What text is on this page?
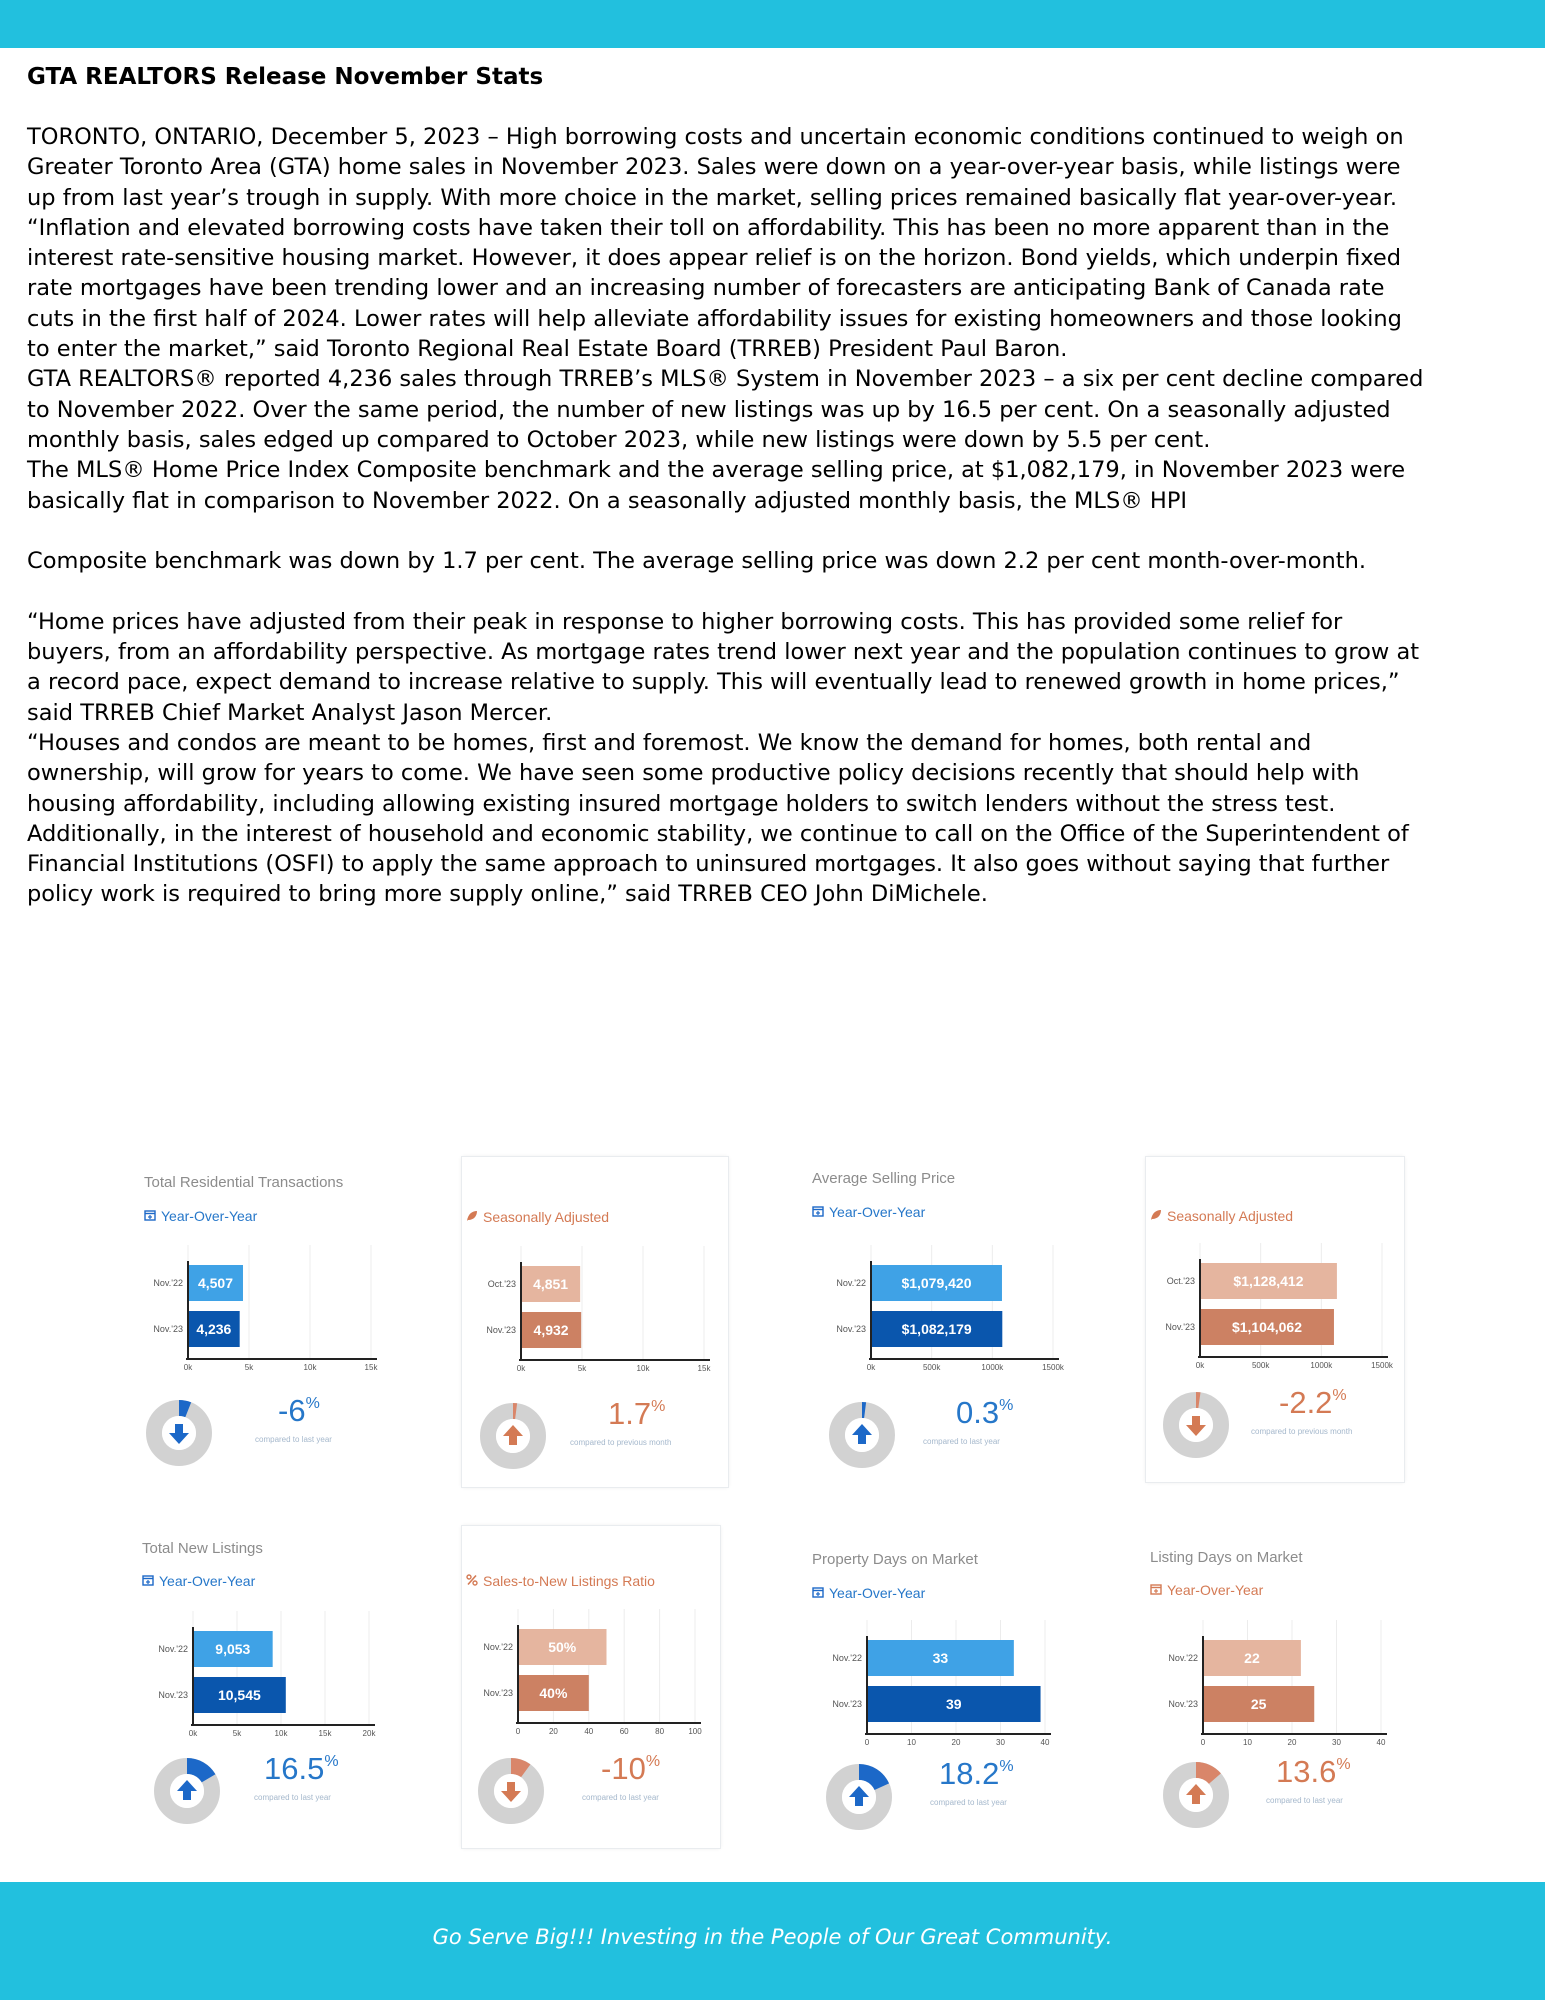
GTA REALTORS Release November Stats

TORONTO, ONTARIO, December 5, 2023 – High borrowing costs and uncertain economic conditions continued to weigh on Greater Toronto Area (GTA) home sales in November 2023. Sales were down on a year-over-year basis, while listings were up from last year’s trough in supply. With more choice in the market, selling prices remained basically flat year-over-year.

“Inflation and elevated borrowing costs have taken their toll on affordability. This has been no more apparent than in the interest rate-sensitive housing market. However, it does appear relief is on the horizon. Bond yields, which underpin fixed rate mortgages have been trending lower and an increasing number of forecasters are anticipating Bank of Canada rate cuts in the first half of 2024. Lower rates will help alleviate affordability issues for existing homeowners and those looking to enter the market,” said Toronto Regional Real Estate Board (TRREB) President Paul Baron.

GTA REALTORS® reported 4,236 sales through TRREB’s MLS® System in November 2023 – a six per cent decline compared to November 2022. Over the same period, the number of new listings was up by 16.5 per cent. On a seasonally adjusted monthly basis, sales edged up compared to October 2023, while new listings were down by 5.5 per cent.

The MLS® Home Price Index Composite benchmark and the average selling price, at $1,082,179, in November 2023 were basically flat in comparison to November 2022. On a seasonally adjusted monthly basis, the MLS® HPI

Composite benchmark was down by 1.7 per cent. The average selling price was down 2.2 per cent month-over-month.

“Home prices have adjusted from their peak in response to higher borrowing costs. This has provided some relief for buyers, from an affordability perspective. As mortgage rates trend lower next year and the population continues to grow at a record pace, expect demand to increase relative to supply. This will eventually lead to renewed growth in home prices,” said TRREB Chief Market Analyst Jason Mercer.

“Houses and condos are meant to be homes, first and foremost. We know the demand for homes, both rental and ownership, will grow for years to come. We have seen some productive policy decisions recently that should help with housing affordability, including allowing existing insured mortgage holders to switch lenders without the stress test. Additionally, in the interest of household and economic stability, we continue to call on the Office of the Superintendent of Financial Institutions (OSFI) to apply the same approach to uninsured mortgages. It also goes without saying that further policy work is required to bring more supply online,” said TRREB CEO John DiMichele.

Total Residential Transactions
Year-Over-Year
0k	5k	10k	15k
4,507
Nov.'22
4,236
Nov.'23
-6%
compared to last year
Seasonally Adjusted
0k	5k	10k	15k
4,851
Oct.'23
4,932
Nov.'23
1.7%
compared to previous month
Average Selling Price
Year-Over-Year
0k	500k	1000k	1500k
$1,079,420
Nov.'22
$1,082,179
Nov.'23
0.3%
compared to last year
Seasonally Adjusted
0k	500k	1000k	1500k
$1,128,412
Oct.'23
$1,104,062
Nov.'23
-2.2%
compared to previous month
Total New Listings
Year-Over-Year
0k	5k	10k	15k	20k
9,053
Nov.'22
10,545
Nov.'23
16.5%
compared to last year
Sales-to-New Listings Ratio
0	20	40	60	80	100
50%
Nov.'22
40%
Nov.'23
-10%
compared to last year
Property Days on Market
Year-Over-Year
0	10	20	30	40
33
Nov.'22
39
Nov.'23
18.2%
compared to last year
Listing Days on Market
Year-Over-Year
0	10	20	30	40
22
Nov.'22
25
Nov.'23
13.6%
compared to last year
Go Serve Big!!! Investing in the People of Our Great Community.
